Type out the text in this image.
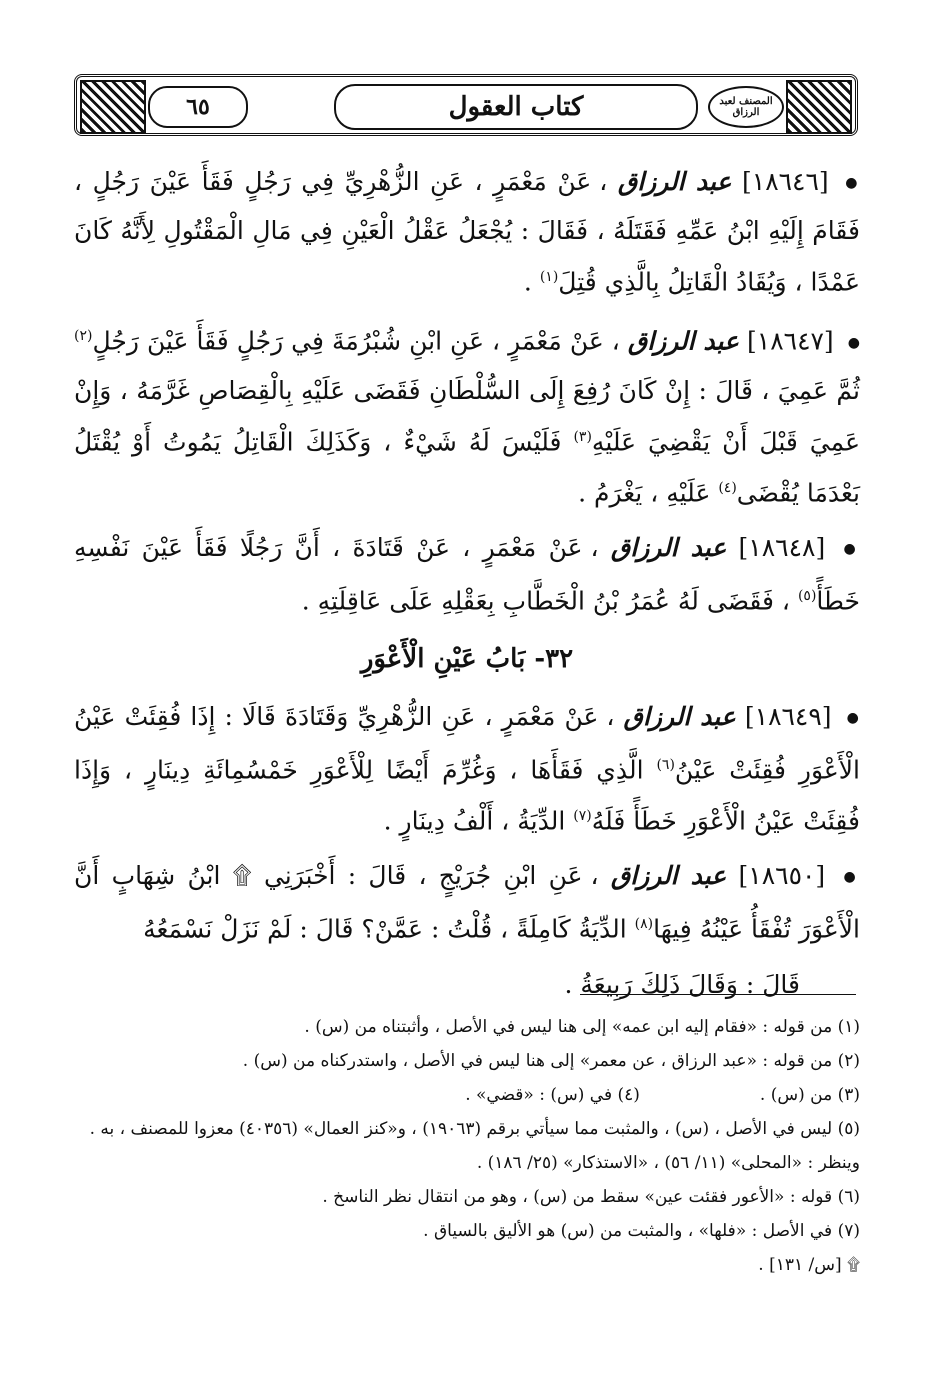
٦٥	كتاب العقول	المصنف لعبد الرزاق

● [١٨٦٤٦] عبد الرزاق ، عَنْ مَعْمَرٍ ، عَنِ الزُّهْرِيِّ فِي رَجُلٍ فَقَأَ عَيْنَ رَجُلٍ ، فَقَامَ إِلَيْهِ ابْنُ عَمِّهِ فَقَتَلَهُ ، فَقَالَ : يُجْعَلُ عَقْلُ الْعَيْنِ فِي مَالِ الْمَقْتُولِ لِأَنَّهُ كَانَ عَمْدًا ، وَيُقَادُ الْقَاتِلُ بِالَّذِي قُتِلَ$^{(١)}$ .

● [١٨٦٤٧] عبد الرزاق ، عَنْ مَعْمَرٍ ، عَنِ ابْنِ شُبْرُمَةَ فِي رَجُلٍ فَقَأَ عَيْنَ رَجُلٍ$^{(٢)}$ ثُمَّ عَمِيَ ، قَالَ : إِنْ كَانَ رُفِعَ إِلَى السُّلْطَانِ فَقَضَى عَلَيْهِ بِالْقِصَاصِ غَرَّمَهُ ، وَإِنْ عَمِيَ قَبْلَ أَنْ يَقْضِيَ عَلَيْهِ$^{(٣)}$ فَلَيْسَ لَهُ شَيْءٌ ، وَكَذَلِكَ الْقَاتِلُ يَمُوتُ أَوْ يُقْتَلُ بَعْدَمَا يُقْضَى$^{(٤)}$ عَلَيْهِ ، يَغْرَمُ .

● [١٨٦٤٨] عبد الرزاق ، عَنْ مَعْمَرٍ ، عَنْ قَتَادَةَ ، أَنَّ رَجُلًا فَقَأَ عَيْنَ نَفْسِهِ خَطَأً$^{(٥)}$ ، فَقَضَى لَهُ عُمَرُ بْنُ الْخَطَّابِ بِعَقْلِهِ عَلَى عَاقِلَتِهِ .

٣٢- بَابُ عَيْنِ الْأَعْوَرِ

● [١٨٦٤٩] عبد الرزاق ، عَنْ مَعْمَرٍ ، عَنِ الزُّهْرِيِّ وَقَتَادَةَ قَالَا : إِذَا فُقِئَتْ عَيْنُ الْأَعْوَرِ فُقِئَتْ عَيْنُ$^{(٦)}$ الَّذِي فَقَأَهَا ، وَغُرِّمَ أَيْضًا لِلْأَعْوَرِ خَمْسُمِائَةِ دِينَارٍ ، وَإِذَا فُقِئَتْ عَيْنُ الْأَعْوَرِ خَطَأً فَلَهُ$^{(٧)}$ الدِّيَةُ ، أَلْفُ دِينَارٍ .

● [١٨٦٥٠] عبد الرزاق ، عَنِ ابْنِ جُرَيْجٍ ، قَالَ : أَخْبَرَنِي ۩ ابْنُ شِهَابٍ أَنَّ الْأَعْوَرَ تُفْقَأُ عَيْنُهُ فِيهَا$^{(٨)}$ الدِّيَةُ كَامِلَةً ، قُلْتُ : عَمَّنْ؟ قَالَ : لَمْ نَزَلْ نَسْمَعُهُ

قَالَ : وَقَالَ ذَلِكَ رَبِيعَةُ .

(١) من قوله : «فقام إليه ابن عمه» إلى هنا ليس في الأصل ، وأثبتناه من (س) .

(٢) من قوله : «عبد الرزاق ، عن معمر» إلى هنا ليس في الأصل ، واستدركناه من (س) .

(٣) من (س) .

(٤) في (س) : «قضي» .

(٥) ليس في الأصل ، (س) ، والمثبت مما سيأتي برقم (١٩٠٦٣) ، و«كنز العمال» (٤٠٣٥٦) معزوا للمصنف ، به . وينظر : «المحلى» (١١/ ٥٦) ، «الاستذكار» (٢٥/ ١٨٦) .

(٦) قوله : «الأعور فقئت عين» سقط من (س) ، وهو من انتقال نظر الناسخ .

(٧) في الأصل : «فلها» ، والمثبت من (س) هو الأليق بالسياق .

۩ [س/ ١٣١] .
